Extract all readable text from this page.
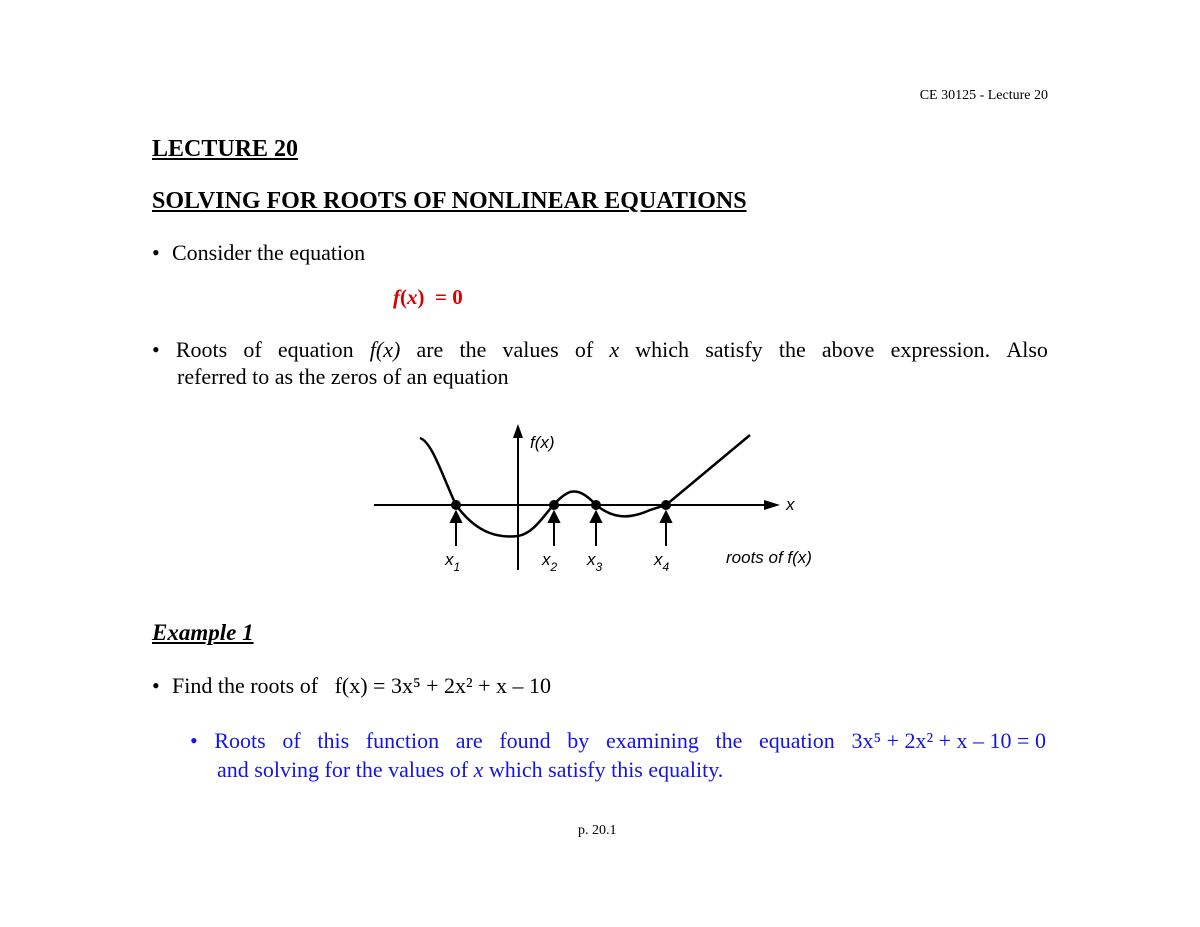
CE 30125 - Lecture 20
LECTURE 20
SOLVING FOR ROOTS OF NONLINEAR EQUATIONS
• Consider the equation
f(x)  = 0
• Roots of equation f(x) are the values of x which satisfy the above expression. Also
referred to as the zeros of an equation
f(x)
x
$x_1$	$x_2$ $x_3$	$x_4$	roots of f(x)
Example 1
• Find the roots of f(x) = 3x⁵ + 2x² + x – 10
• Roots of this function are found by examining the equation 3x⁵ + 2x² + x – 10 = 0
and solving for the values of x which satisfy this equality.
p. 20.1
